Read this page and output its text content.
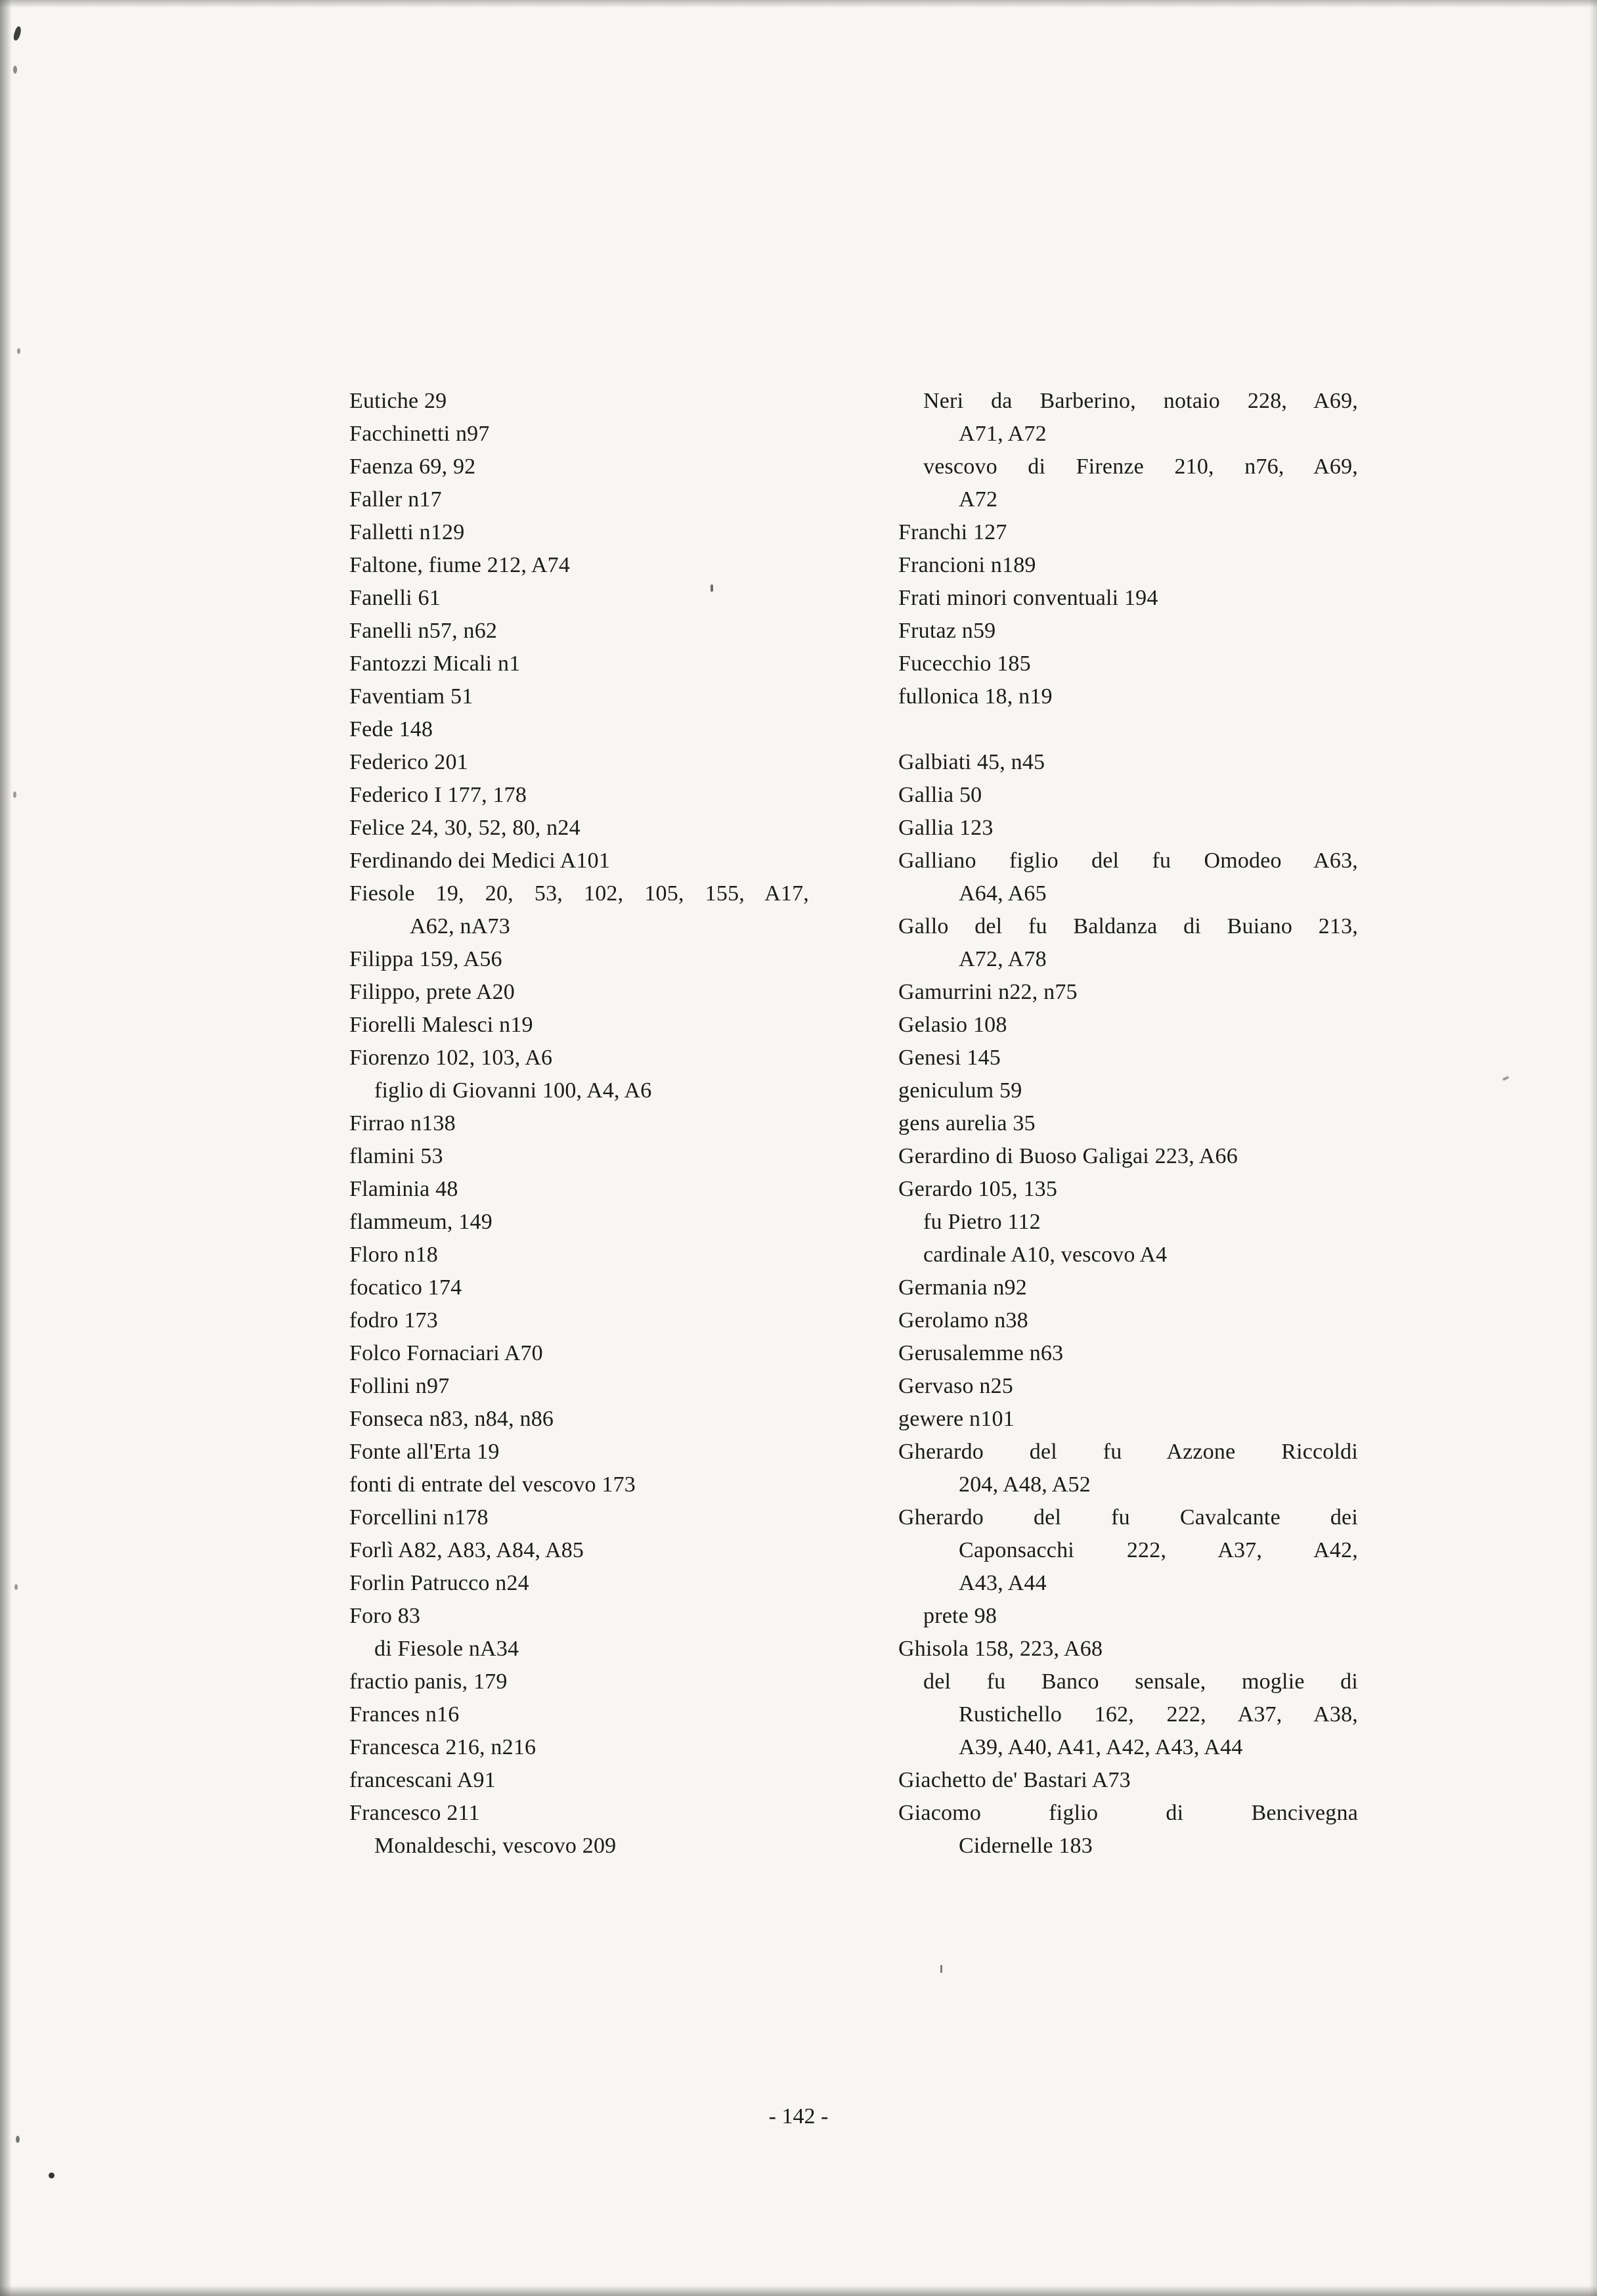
Eutiche 29
Facchinetti n97
Faenza 69, 92
Faller n17
Falletti n129
Faltone, fiume 212, A74
Fanelli 61
Fanelli n57, n62
Fantozzi Micali n1
Faventiam 51
Fede 148
Federico 201
Federico I 177, 178
Felice 24, 30, 52, 80, n24
Ferdinando dei Medici A101
Fiesole 19, 20, 53, 102, 105, 155, A17,
A62, nA73
Filippa 159, A56
Filippo, prete A20
Fiorelli Malesci n19
Fiorenzo 102, 103, A6
figlio di Giovanni 100, A4, A6
Firrao n138
flamini 53
Flaminia 48
flammeum, 149
Floro n18
focatico 174
fodro 173
Folco Fornaciari A70
Follini n97
Fonseca n83, n84, n86
Fonte all'Erta 19
fonti di entrate del vescovo 173
Forcellini n178
Forlì A82, A83, A84, A85
Forlin Patrucco n24
Foro 83
di Fiesole nA34
fractio panis, 179
Frances n16
Francesca 216, n216
francescani A91
Francesco 211
Monaldeschi, vescovo 209
Neri da Barberino, notaio 228, A69,
A71, A72
vescovo di Firenze 210, n76, A69,
A72
Franchi 127
Francioni n189
Frati minori conventuali 194
Frutaz n59
Fucecchio 185
fullonica 18, n19
Galbiati 45, n45
Gallia 50
Gallia 123
Galliano figlio del fu Omodeo A63,
A64, A65
Gallo del fu Baldanza di Buiano 213,
A72, A78
Gamurrini n22, n75
Gelasio 108
Genesi 145
geniculum 59
gens aurelia 35
Gerardino di Buoso Galigai 223, A66
Gerardo 105, 135
fu Pietro 112
cardinale A10, vescovo A4
Germania n92
Gerolamo n38
Gerusalemme n63
Gervaso n25
gewere n101
Gherardo del fu Azzone Riccoldi
204, A48, A52
Gherardo del fu Cavalcante dei
Caponsacchi 222, A37, A42,
A43, A44
prete 98
Ghisola 158, 223, A68
del fu Banco sensale, moglie di
Rustichello 162, 222, A37, A38,
A39, A40, A41, A42, A43, A44
Giachetto de' Bastari A73
Giacomo figlio di Bencivegna
Cidernelle 183
- 142 -
